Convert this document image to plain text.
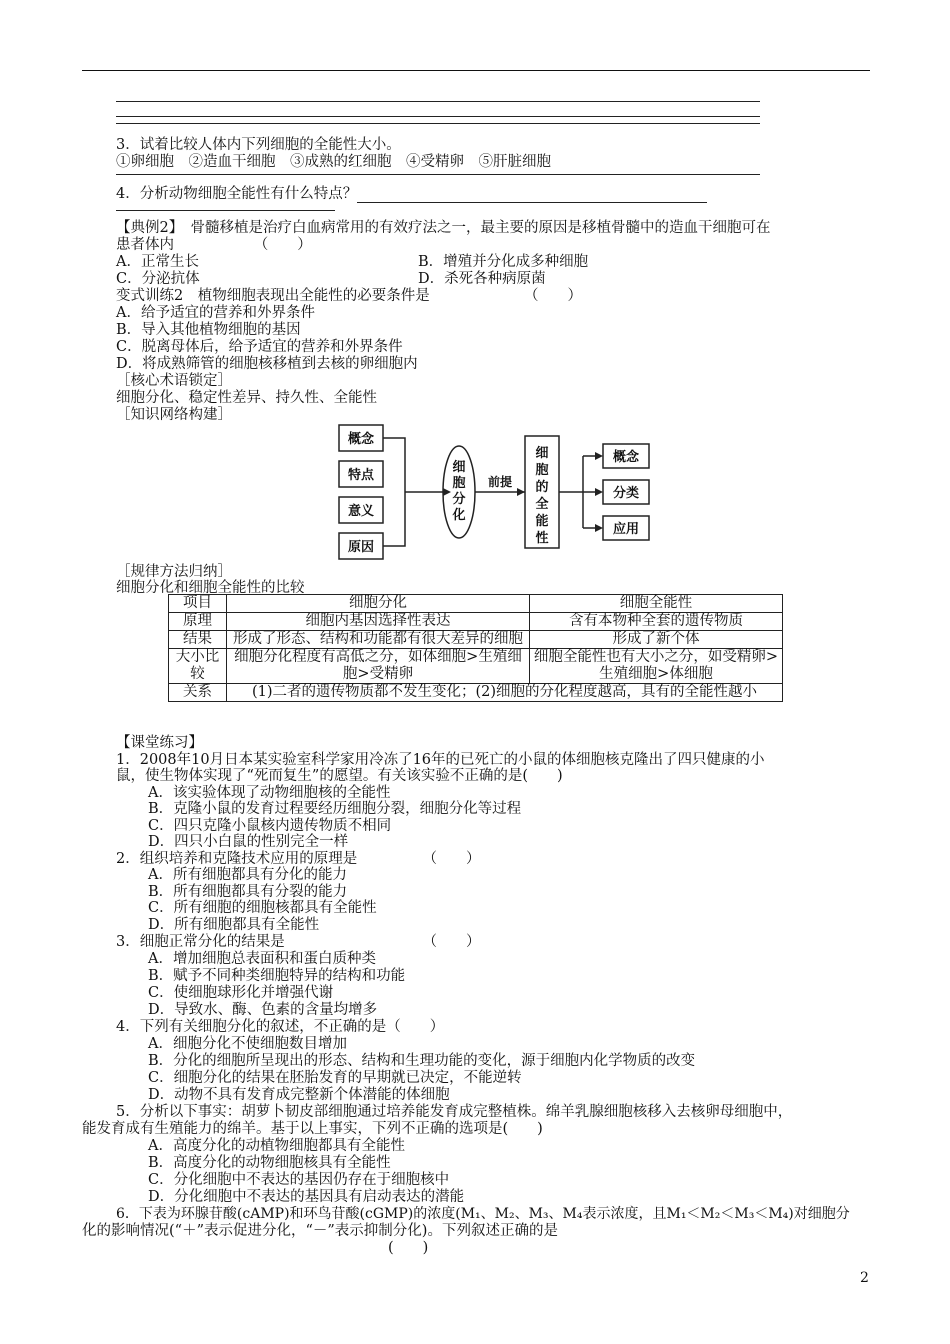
3．试着比较人体内下列细胞的全能性大小。
①卵细胞　②造血干细胞　③成熟的红细胞　④受精卵　⑤肝脏细胞
4．分析动物细胞全能性有什么特点？
【典例2】　骨髓移植是治疗白血病常用的有效疗法之一，最主要的原因是移植骨髓中的造血干细胞可在
患者体内　　　　　　（　　）
A．正常生长	B．增殖并分化成多种细胞
C．分泌抗体	D．杀死各种病原菌
变式训练2　植物细胞表现出全能性的必要条件是　　　　　　　（　　）
A．给予适宜的营养和外界条件
B．导入其他植物细胞的基因
C．脱离母体后，给予适宜的营养和外界条件
D．将成熟筛管的细胞核移植到去核的卵细胞内
［核心术语锁定］
细胞分化、稳定性差异、持久性、全能性
［知识网络构建］
概念
特点
意义
原因
细
胞
分
化
前提
细
胞
的
全
能
性
概念
分类
应用
［规律方法归纳］
细胞分化和细胞全能性的比较
项目	细胞分化	细胞全能性
原理	细胞内基因选择性表达	含有本物种全套的遗传物质
结果	形成了形态、结构和功能都有很大差异的细胞	形成了新个体
大小比较	细胞分化程度有高低之分，如体细胞>生殖细胞>受精卵	细胞全能性也有大小之分，如受精卵>生殖细胞>体细胞
关系	(1)二者的遗传物质都不发生变化；(2)细胞的分化程度越高，具有的全能性越小	
【课堂练习】
1．2008年10月日本某实验室科学家用冷冻了16年的已死亡的小鼠的体细胞核克隆出了四只健康的小
鼠，使生物体实现了“死而复生”的愿望。有关该实验不正确的是(　　)
A．该实验体现了动物细胞核的全能性
B．克隆小鼠的发育过程要经历细胞分裂，细胞分化等过程
C．四只克隆小鼠核内遗传物质不相同
D．四只小白鼠的性别完全一样
2．组织培养和克隆技术应用的原理是　　　　　（　　）
A．所有细胞都具有分化的能力
B．所有细胞都具有分裂的能力
C．所有细胞的细胞核都具有全能性
D．所有细胞都具有全能性
3．细胞正常分化的结果是　　　　　　　　　　（　　）
A．增加细胞总表面积和蛋白质种类
B．赋予不同种类细胞特异的结构和功能
C．使细胞球形化并增强代谢
D．导致水、酶、色素的含量均增多
4．下列有关细胞分化的叙述，不正确的是（　　）
A．细胞分化不使细胞数目增加
B．分化的细胞所呈现出的形态、结构和生理功能的变化，源于细胞内化学物质的改变
C．细胞分化的结果在胚胎发育的早期就已决定，不能逆转
D．动物不具有发育成完整新个体潜能的体细胞
5．分析以下事实：胡萝卜韧皮部细胞通过培养能发育成完整植株。绵羊乳腺细胞核移入去核卵母细胞中，
能发育成有生殖能力的绵羊。基于以上事实，下列不正确的选项是(　　)
A．高度分化的动植物细胞都具有全能性
B．高度分化的动物细胞核具有全能性
C．分化细胞中不表达的基因仍存在于细胞核中
D．分化细胞中不表达的基因具有启动表达的潜能
6．下表为环腺苷酸(cAMP)和环鸟苷酸(cGMP)的浓度(M₁、M₂、M₃、M₄表示浓度，且M₁＜M₂＜M₃＜M₄)对细胞分
化的影响情况(“＋”表示促进分化，“－”表示抑制分化)。下列叙述正确的是
(　　)
2
